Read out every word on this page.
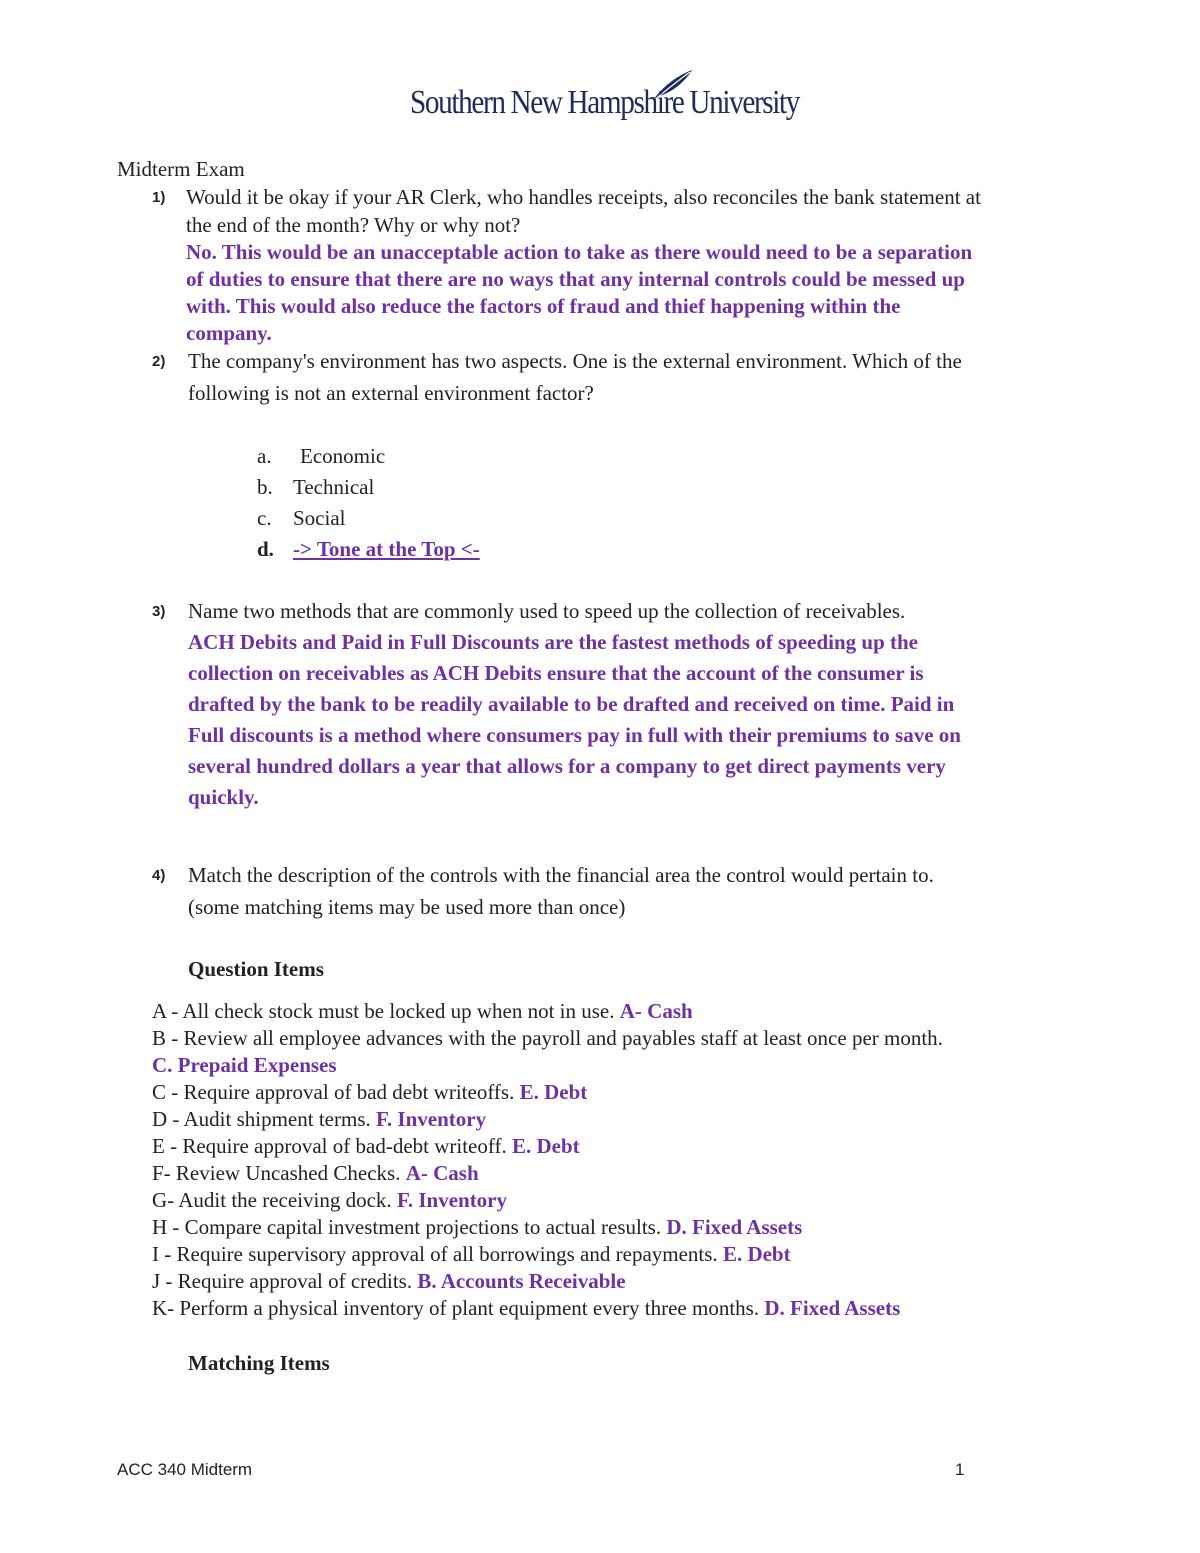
Southern New Hampshire University
Midterm Exam
1) Would it be okay if your AR Clerk, who handles receipts, also reconciles the bank statement at
the end of the month? Why or why not?
No. This would be an unacceptable action to take as there would need to be a separation
of duties to ensure that there are no ways that any internal controls could be messed up
with. This would also reduce the factors of fraud and thief happening within the
company.
2) The company's environment has two aspects. One is the external environment. Which of the
following is not an external environment factor?
a. Economic
b. Technical
c. Social
d. -> Tone at the Top <-
3) Name two methods that are commonly used to speed up the collection of receivables.
ACH Debits and Paid in Full Discounts are the fastest methods of speeding up the
collection on receivables as ACH Debits ensure that the account of the consumer is
drafted by the bank to be readily available to be drafted and received on time. Paid in
Full discounts is a method where consumers pay in full with their premiums to save on
several hundred dollars a year that allows for a company to get direct payments very
quickly.
4) Match the description of the controls with the financial area the control would pertain to.
(some matching items may be used more than once)
Question Items
A - All check stock must be locked up when not in use. A- Cash
B - Review all employee advances with the payroll and payables staff at least once per month.
C. Prepaid Expenses
C - Require approval of bad debt writeoffs. E. Debt
D - Audit shipment terms. F. Inventory
E - Require approval of bad-debt writeoff. E. Debt
F- Review Uncashed Checks. A- Cash
G- Audit the receiving dock. F. Inventory
H - Compare capital investment projections to actual results. D. Fixed Assets
I - Require supervisory approval of all borrowings and repayments. E. Debt
J - Require approval of credits. B. Accounts Receivable
K- Perform a physical inventory of plant equipment every three months. D. Fixed Assets
Matching Items
ACC 340 Midterm	1
